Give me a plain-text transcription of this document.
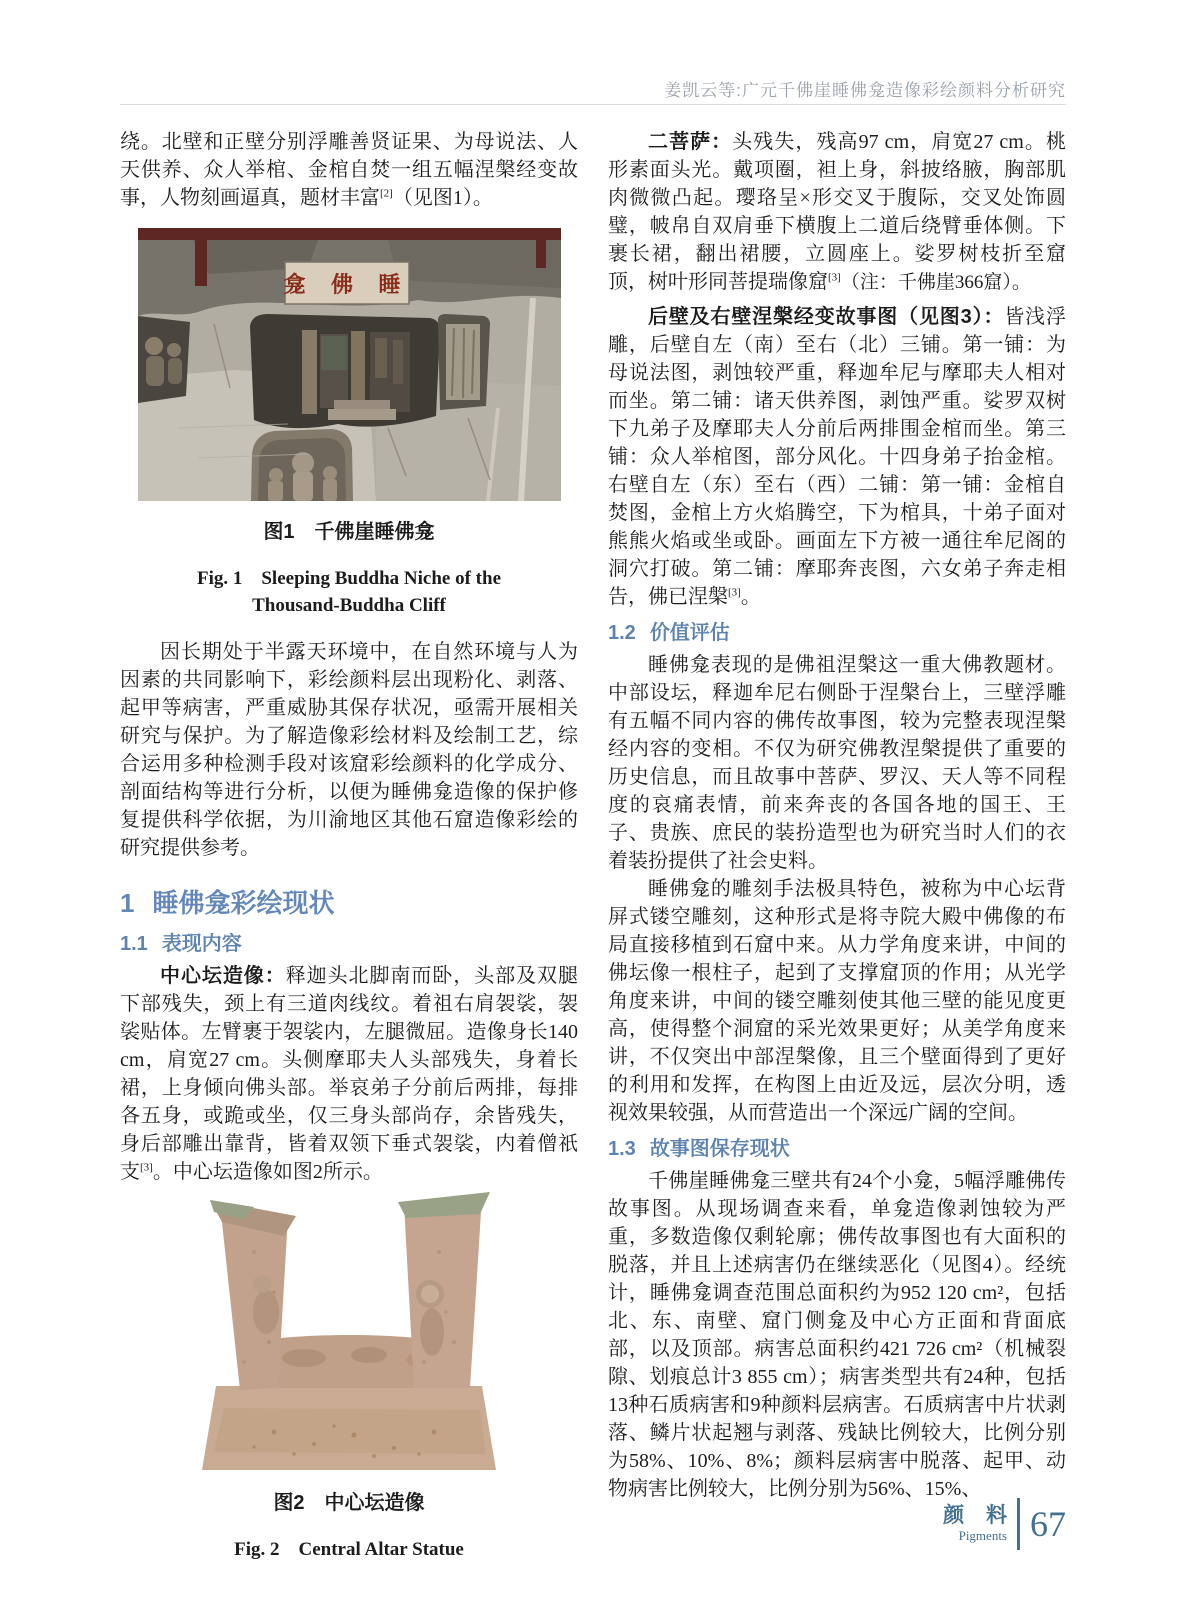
姜凯云等:广元千佛崖睡佛龛造像彩绘颜料分析研究

绕。北壁和正壁分别浮雕善贤证果、为母说法、人天供养、众人举棺、金棺自焚一组五幅涅槃经变故事，人物刻画逼真，题材丰富[2]（见图1）。

龛 佛 睡

图1　千佛崖睡佛龛

Fig. 1　Sleeping Buddha Niche of the
Thousand-Buddha Cliff

因长期处于半露天环境中，在自然环境与人为因素的共同影响下，彩绘颜料层出现粉化、剥落、起甲等病害，严重威胁其保存状况，亟需开展相关研究与保护。为了解造像彩绘材料及绘制工艺，综合运用多种检测手段对该窟彩绘颜料的化学成分、剖面结构等进行分析，以便为睡佛龛造像的保护修复提供科学依据，为川渝地区其他石窟造像彩绘的研究提供参考。

1 睡佛龛彩绘现状
1.1 表现内容

中心坛造像：释迦头北脚南而卧，头部及双腿下部残失，颈上有三道肉线纹。着祖右肩袈裟，袈裟贴体。左臂裹于袈裟内，左腿微屈。造像身长140 cm，肩宽27 cm。头侧摩耶夫人头部残失，身着长裙，上身倾向佛头部。举哀弟子分前后两排，每排各五身，或跪或坐，仅三身头部尚存，余皆残失，身后部雕出靠背，皆着双领下垂式袈裟，内着僧祇支[3]。中心坛造像如图2所示。

图2　中心坛造像

Fig. 2　Central Altar Statue

二菩萨：头残失，残高97 cm，肩宽27 cm。桃形素面头光。戴项圈，袒上身，斜披络腋，胸部肌肉微微凸起。璎珞呈×形交叉于腹际，交叉处饰圆璧，帔帛自双肩垂下横腹上二道后绕臂垂体侧。下裹长裙，翻出裙腰，立圆座上。娑罗树枝折至窟顶，树叶形同菩提瑞像窟[3]（注：千佛崖366窟）。

后壁及右壁涅槃经变故事图（见图3）：皆浅浮雕，后壁自左（南）至右（北）三铺。第一铺：为母说法图，剥蚀较严重，释迦牟尼与摩耶夫人相对而坐。第二铺：诸天供养图，剥蚀严重。娑罗双树下九弟子及摩耶夫人分前后两排围金棺而坐。第三铺：众人举棺图，部分风化。十四身弟子抬金棺。右壁自左（东）至右（西）二铺：第一铺：金棺自焚图，金棺上方火焰腾空，下为棺具，十弟子面对熊熊火焰或坐或卧。画面左下方被一通往牟尼阁的洞穴打破。第二铺：摩耶奔丧图，六女弟子奔走相告，佛已涅槃[3]。

1.2 价值评估

睡佛龛表现的是佛祖涅槃这一重大佛教题材。中部设坛，释迦牟尼右侧卧于涅槃台上，三壁浮雕有五幅不同内容的佛传故事图，较为完整表现涅槃经内容的变相。不仅为研究佛教涅槃提供了重要的历史信息，而且故事中菩萨、罗汉、天人等不同程度的哀痛表情，前来奔丧的各国各地的国王、王子、贵族、庶民的装扮造型也为研究当时人们的衣着装扮提供了社会史料。

睡佛龛的雕刻手法极具特色，被称为中心坛背屏式镂空雕刻，这种形式是将寺院大殿中佛像的布局直接移植到石窟中来。从力学角度来讲，中间的佛坛像一根柱子，起到了支撑窟顶的作用；从光学角度来讲，中间的镂空雕刻使其他三壁的能见度更高，使得整个洞窟的采光效果更好；从美学角度来讲，不仅突出中部涅槃像，且三个壁面得到了更好的利用和发挥，在构图上由近及远，层次分明，透视效果较强，从而营造出一个深远广阔的空间。

1.3 故事图保存现状

千佛崖睡佛龛三壁共有24个小龛，5幅浮雕佛传故事图。从现场调查来看，单龛造像剥蚀较为严重，多数造像仅剩轮廓；佛传故事图也有大面积的脱落，并且上述病害仍在继续恶化（见图4）。经统计，睡佛龛调查范围总面积约为952 120 cm²，包括北、东、南壁、窟门侧龛及中心方正面和背面底部，以及顶部。病害总面积约421 726 cm²（机械裂隙、划痕总计3 855 cm）；病害类型共有24种，包括13种石质病害和9种颜料层病害。石质病害中片状剥落、鳞片状起翘与剥落、残缺比例较大，比例分别为58%、10%、8%；颜料层病害中脱落、起甲、动物病害比例较大，比例分别为56%、15%、

颜 料
Pigments 67
